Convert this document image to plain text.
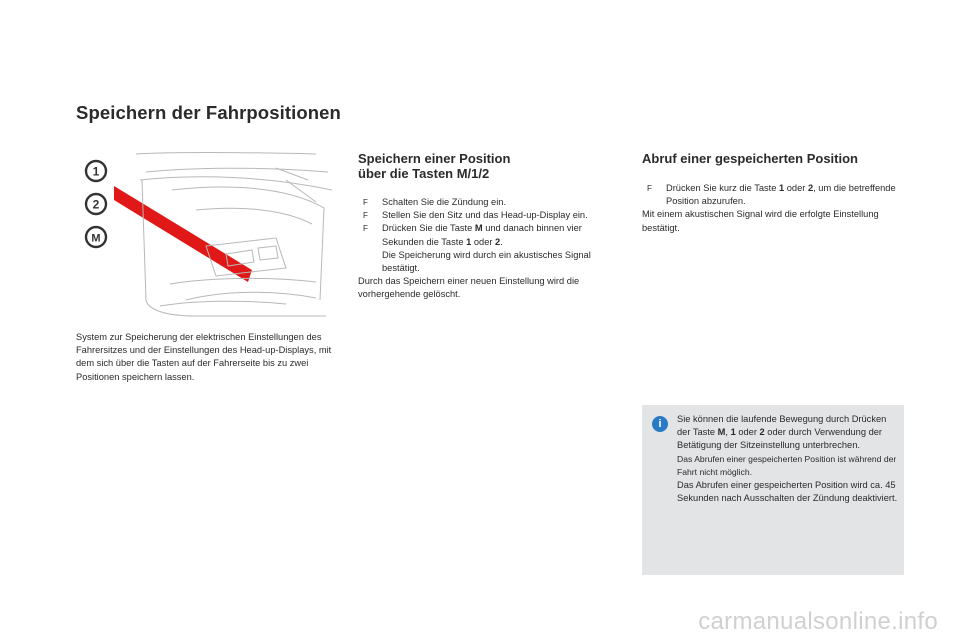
Speichern der Fahrpositionen
1
2
M
System zur Speicherung der elektrischen Einstellungen des Fahrersitzes und der Einstellungen des Head-up-Displays, mit dem sich über die Tasten auf der Fahrerseite bis zu zwei Positionen speichern lassen.
Speichern einer Position
über die Tasten M/1/2
F Schalten Sie die Zündung ein.
F Stellen Sie den Sitz und das Head-up-Display ein.
F Drücken Sie die Taste M und danach binnen vier Sekunden die Taste 1 oder 2.
Die Speicherung wird durch ein akustisches Signal bestätigt.
Durch das Speichern einer neuen Einstellung wird die vorhergehende gelöscht.
Abruf einer gespeicherten Position
F Drücken Sie kurz die Taste 1 oder 2, um die betreffende Position abzurufen.
Mit einem akustischen Signal wird die erfolgte Einstellung bestätigt.
i	Sie können die laufende Bewegung durch Drücken der Taste M, 1 oder 2 oder durch Verwendung der Betätigung der Sitzeinstellung unterbrechen.
Das Abrufen einer gespeicherten Position ist während der Fahrt nicht möglich.
Das Abrufen einer gespeicherten Position wird ca. 45 Sekunden nach Ausschalten der Zündung deaktiviert.
carmanualsonline.info
